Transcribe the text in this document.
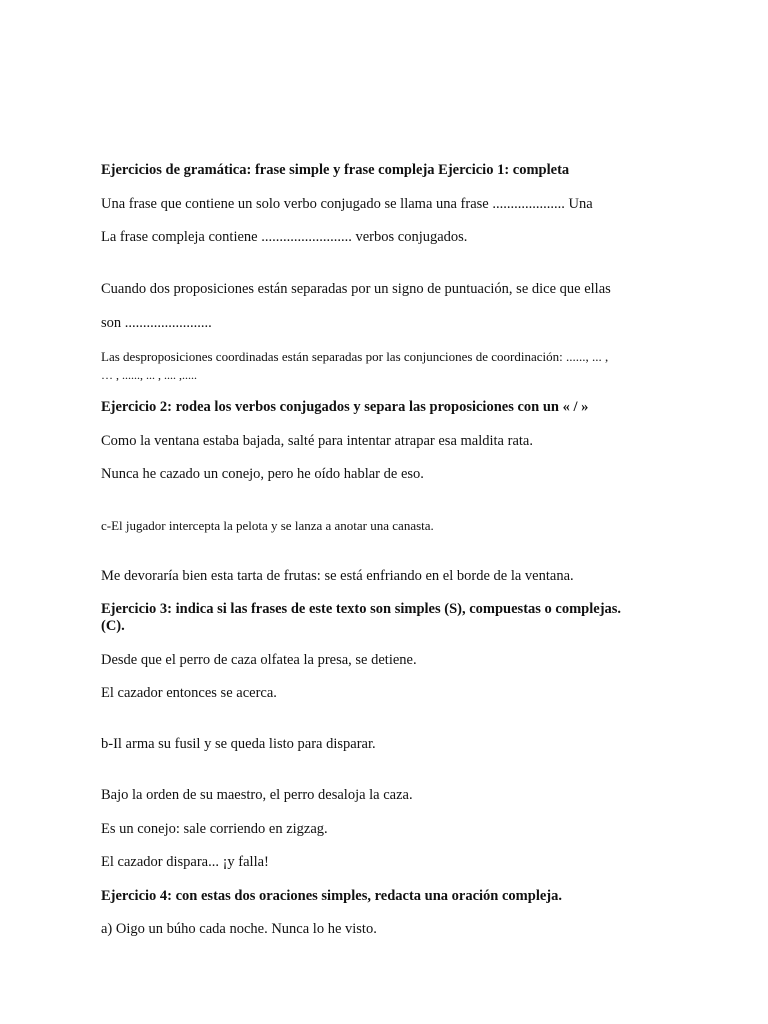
Ejercicios de gramática: frase simple y frase compleja Ejercicio 1: completa

Una frase que contiene un solo verbo conjugado se llama una frase .................... Una

La frase compleja contiene ......................... verbos conjugados.

Cuando dos proposiciones están separadas por un signo de puntuación, se dice que ellas

son ........................

Las desproposiciones coordinadas están separadas por las conjunciones de coordinación: ......, ... ,

… , ......, ... , .... ,.....

Ejercicio 2: rodea los verbos conjugados y separa las proposiciones con un « / »

Como la ventana estaba bajada, salté para intentar atrapar esa maldita rata.

Nunca he cazado un conejo, pero he oído hablar de eso.

c-El jugador intercepta la pelota y se lanza a anotar una canasta.

Me devoraría bien esta tarta de frutas: se está enfriando en el borde de la ventana.

Ejercicio 3: indica si las frases de este texto son simples (S), compuestas o complejas.

(C).

Desde que el perro de caza olfatea la presa, se detiene.

El cazador entonces se acerca.

b-Il arma su fusil y se queda listo para disparar.

Bajo la orden de su maestro, el perro desaloja la caza.

Es un conejo: sale corriendo en zigzag.

El cazador dispara... ¡y falla!

Ejercicio 4: con estas dos oraciones simples, redacta una oración compleja.

a) Oigo un búho cada noche. Nunca lo he visto.
